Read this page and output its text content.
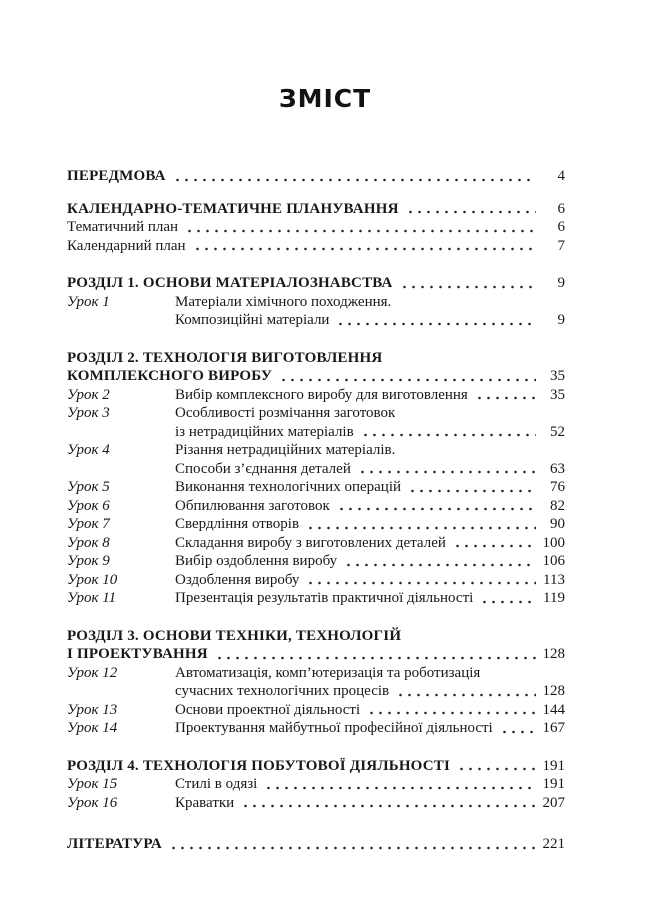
ЗМІСТ
ПЕРЕДМОВА	4
КАЛЕНДАРНО-ТЕМАТИЧНЕ ПЛАНУВАННЯ	6
Тематичний план	6
Календарний план	7
РОЗДІЛ 1. ОСНОВИ МАТЕРІАЛОЗНАВСТВА	9
Урок 1	Матеріали хімічного походження.
Композиційні матеріали	9
РОЗДІЛ 2. ТЕХНОЛОГІЯ ВИГОТОВЛЕННЯ
КОМПЛЕКСНОГО ВИРОБУ	35
Урок 2	Вибір комплексного виробу для виготовлення	35
Урок 3	Особливості розмічання заготовок
із нетрадиційних матеріалів	52
Урок 4	Різання нетрадиційних матеріалів.
Способи з’єднання деталей	63
Урок 5	Виконання технологічних операцій	76
Урок 6	Обпилювання заготовок	82
Урок 7	Свердління отворів	90
Урок 8	Складання виробу з виготовлених деталей	100
Урок 9	Вибір оздоблення виробу	106
Урок 10	Оздоблення виробу	113
Урок 11	Презентація результатів практичної діяльності	119
РОЗДІЛ 3. ОСНОВИ ТЕХНІКИ, ТЕХНОЛОГІЙ
І ПРОЕКТУВАННЯ	128
Урок 12	Автоматизація, комп’ютеризація та роботизація
сучасних технологічних процесів	128
Урок 13	Основи проектної діяльності	144
Урок 14	Проектування майбутньої професійної діяльності	167
РОЗДІЛ 4. ТЕХНОЛОГІЯ ПОБУТОВОЇ ДІЯЛЬНОСТІ	191
Урок 15	Стилі в одязі	191
Урок 16	Краватки	207
ЛІТЕРАТУРА	221
